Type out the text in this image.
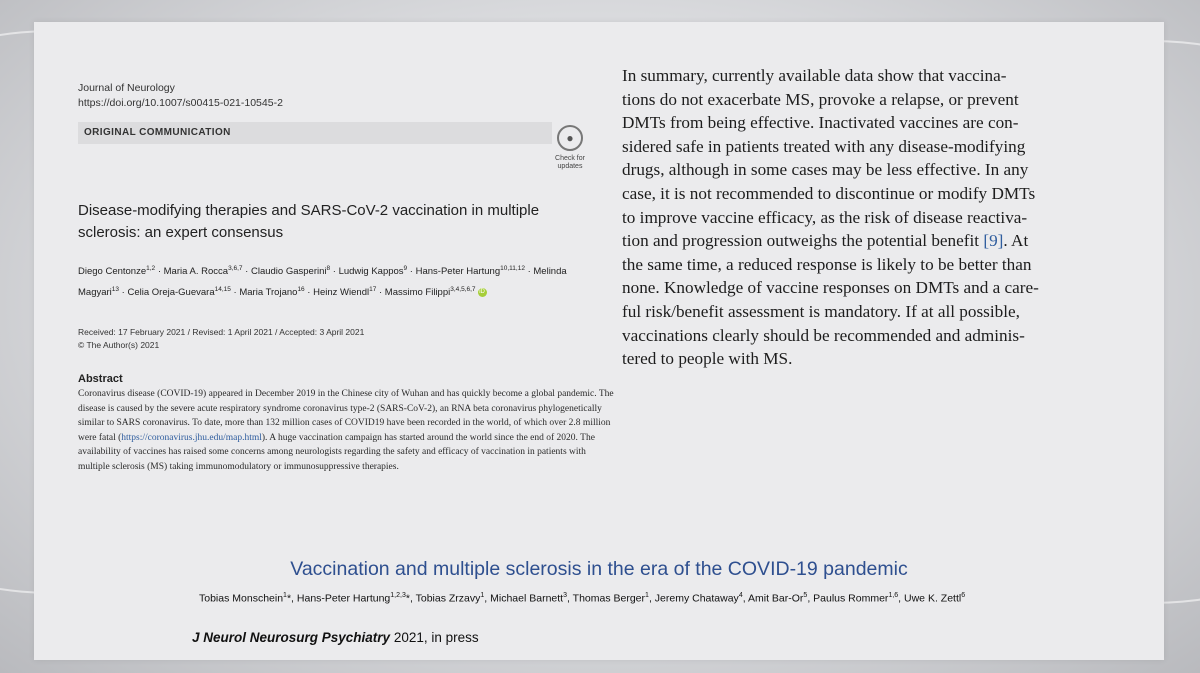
Journal of Neurology
https://doi.org/10.1007/s00415-021-10545-2
ORIGINAL COMMUNICATION	●
Check for
updates
Disease-modifying therapies and SARS-CoV-2 vaccination in multiple sclerosis: an expert consensus
Diego Centonze$^{1,2}$ · Maria A. Rocca$^{3,6,7}$ · Claudio Gasperini$^8$ · Ludwig Kappos$^9$ · Hans-Peter Hartung$^{10,11,12}$ · Melinda Magyari$^{13}$ · Celia Oreja-Guevara$^{14,15}$ · Maria Trojano$^{16}$ · Heinz Wiendl$^{17}$ · Massimo Filippi$^{3,4,5,6,7}$ iD
Received: 17 February 2021 / Revised: 1 April 2021 / Accepted: 3 April 2021
© The Author(s) 2021
Abstract
Coronavirus disease (COVID-19) appeared in December 2019 in the Chinese city of Wuhan and has quickly become a global pandemic. The disease is caused by the severe acute respiratory syndrome coronavirus type-2 (SARS-CoV-2), an RNA beta coronavirus phylogenetically similar to SARS coronavirus. To date, more than 132 million cases of COVID19 have been recorded in the world, of which over 2.8 million were fatal (https://coronavirus.jhu.edu/map.html). A huge vaccination campaign has started around the world since the end of 2020. The availability of vaccines has raised some concerns among neurologists regarding the safety and efficacy of vaccination in patients with multiple sclerosis (MS) taking immunomodulatory or immunosuppressive therapies.
In summary, currently available data show that vaccina-
tions do not exacerbate MS, provoke a relapse, or prevent
DMTs from being effective. Inactivated vaccines are con-
sidered safe in patients treated with any disease-modifying
drugs, although in some cases may be less effective. In any
case, it is not recommended to discontinue or modify DMTs
to improve vaccine efficacy, as the risk of disease reactiva-
tion and progression outweighs the potential benefit [9]. At
the same time, a reduced response is likely to be better than
none. Knowledge of vaccine responses on DMTs and a care-
ful risk/benefit assessment is mandatory. If at all possible,
vaccinations clearly should be recommended and adminis-
tered to people with MS.
Vaccination and multiple sclerosis in the era of the COVID-19 pandemic
Tobias Monschein$^1$*, Hans-Peter Hartung$^{1,2,3}$*, Tobias Zrzavy$^1$, Michael Barnett$^3$, Thomas Berger$^1$, Jeremy Chataway$^4$, Amit Bar-Or$^5$, Paulus Rommer$^{1,6}$, Uwe K. Zettl$^6$
J Neurol Neurosurg Psychiatry 2021, in press
